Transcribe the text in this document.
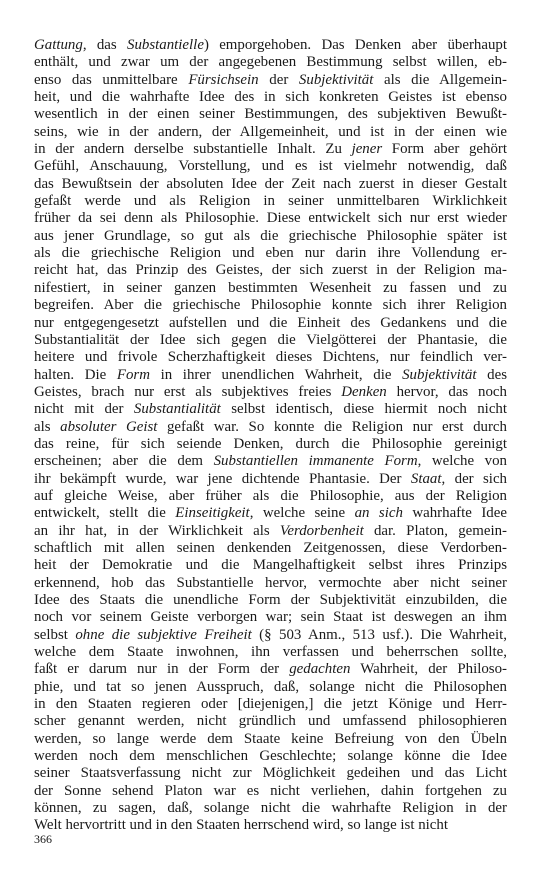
Gattung, das Substantielle) emporgehoben. Das Denken aber überhaupt
enthält, und zwar um der angegebenen Bestimmung selbst willen, eb-
enso das unmittelbare Fürsichsein der Subjektivität als die Allgemein-
heit, und die wahrhafte Idee des in sich konkreten Geistes ist ebenso
wesentlich in der einen seiner Bestimmungen, des subjektiven Bewußt-
seins, wie in der andern, der Allgemeinheit, und ist in der einen wie
in der andern derselbe substantielle Inhalt. Zu jener Form aber gehört
Gefühl, Anschauung, Vorstellung, und es ist vielmehr notwendig, daß
das Bewußtsein der absoluten Idee der Zeit nach zuerst in dieser Gestalt
gefaßt werde und als Religion in seiner unmittelbaren Wirklichkeit
früher da sei denn als Philosophie. Diese entwickelt sich nur erst wieder
aus jener Grundlage, so gut als die griechische Philosophie später ist
als die griechische Religion und eben nur darin ihre Vollendung er-
reicht hat, das Prinzip des Geistes, der sich zuerst in der Religion ma-
nifestiert, in seiner ganzen bestimmten Wesenheit zu fassen und zu
begreifen. Aber die griechische Philosophie konnte sich ihrer Religion
nur entgegengesetzt aufstellen und die Einheit des Gedankens und die
Substantialität der Idee sich gegen die Vielgötterei der Phantasie, die
heitere und frivole Scherzhaftigkeit dieses Dichtens, nur feindlich ver-
halten. Die Form in ihrer unendlichen Wahrheit, die Subjektivität des
Geistes, brach nur erst als subjektives freies Denken hervor, das noch
nicht mit der Substantialität selbst identisch, diese hiermit noch nicht
als absoluter Geist gefaßt war. So konnte die Religion nur erst durch
das reine, für sich seiende Denken, durch die Philosophie gereinigt
erscheinen; aber die dem Substantiellen immanente Form, welche von
ihr bekämpft wurde, war jene dichtende Phantasie. Der Staat, der sich
auf gleiche Weise, aber früher als die Philosophie, aus der Religion
entwickelt, stellt die Einseitigkeit, welche seine an sich wahrhafte Idee
an ihr hat, in der Wirklichkeit als Verdorbenheit dar. Platon, gemein-
schaftlich mit allen seinen denkenden Zeitgenossen, diese Verdorben-
heit der Demokratie und die Mangelhaftigkeit selbst ihres Prinzips
erkennend, hob das Substantielle hervor, vermochte aber nicht seiner
Idee des Staats die unendliche Form der Subjektivität einzubilden, die
noch vor seinem Geiste verborgen war; sein Staat ist deswegen an ihm
selbst ohne die subjektive Freiheit (§ 503 Anm., 513 usf.). Die Wahrheit,
welche dem Staate inwohnen, ihn verfassen und beherrschen sollte,
faßt er darum nur in der Form der gedachten Wahrheit, der Philoso-
phie, und tat so jenen Ausspruch, daß, solange nicht die Philosophen
in den Staaten regieren oder [diejenigen,] die jetzt Könige und Herr-
scher genannt werden, nicht gründlich und umfassend philosophieren
werden, so lange werde dem Staate keine Befreiung von den Übeln
werden noch dem menschlichen Geschlechte; solange könne die Idee
seiner Staatsverfassung nicht zur Möglichkeit gedeihen und das Licht
der Sonne sehend Platon war es nicht verliehen, dahin fortgehen zu
können, zu sagen, daß, solange nicht die wahrhafte Religion in der
Welt hervortritt und in den Staaten herrschend wird, so lange ist nicht
366
